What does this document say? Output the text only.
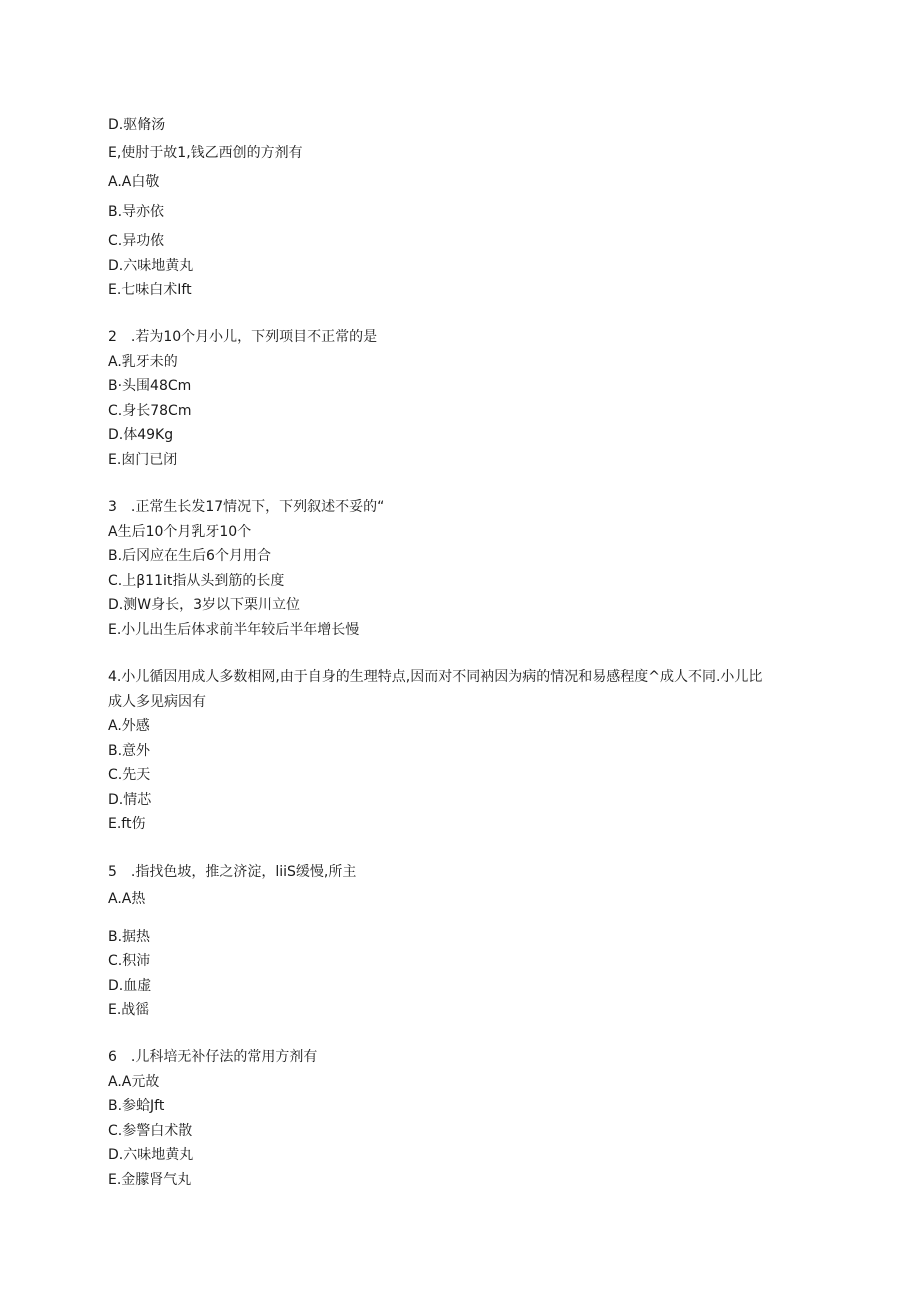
D.驱脩汤

E,使肘于故1,钱乙西创的方剂有

A.A白敬

B.导亦依

C.异功侬

D.六味地黄丸

E.七味白术Ift

2　.若为10个月小儿，下列项目不正常的是

A.乳牙未的

B·头围48Cm

C.身长78Cm

D.体49Kg

E.囱门已闭

3　.正常生长发17情况下，下列叙述不妥的“

A生后10个月乳牙10个

B.后冈应在生后6个月用合

C.上β11it指从头到筋的长度

D.测W身长，3岁以下栗川立位

E.小儿出生后体求前半年较后半年增长慢

4.小儿循因用成人多数相网,由于自身的生理特点,因而对不同衲因为病的情况和易感程度^成人不同.小儿比

成人多见病因有

A.外感

B.意外

C.先天

D.情芯

E.ft伤

5　.指找色坡，推之济淀，liiS缓慢,所主

A.A热

B.据热

C.积沛

D.血虚

E.战徭

6　.儿科培无补仔法的常用方剂有

A.A元故

B.参蛤Jft

C.参警白术散

D.六味地黄丸

E.金朦肾气丸
